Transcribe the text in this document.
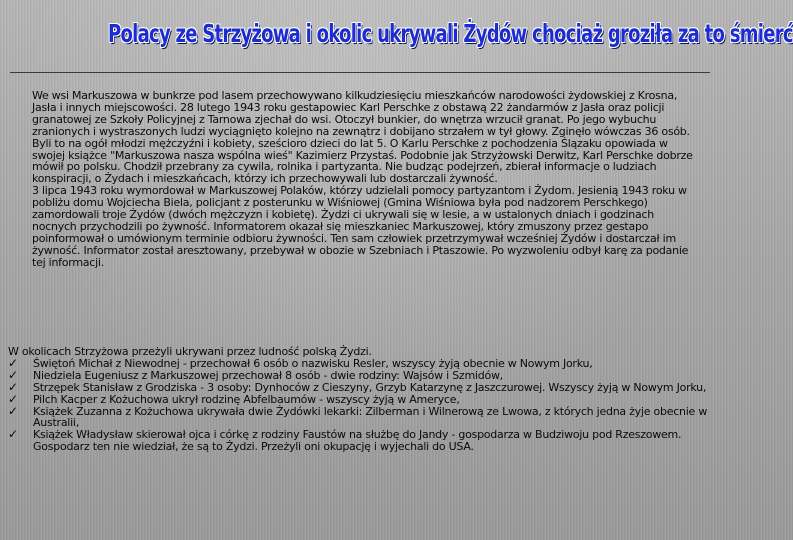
Polacy ze Strzyżowa i okolic ukrywali Żydów chociaż groziła za to śmierć

We wsi Markuszowa w bunkrze pod lasem przechowywano kilkudziesięciu mieszkańców narodowości żydowskiej z Krosna, Jasła i innych miejscowości. 28 lutego 1943 roku gestapowiec Karl Perschke z obstawą 22 żandarmów z Jasła oraz policji granatowej ze Szkoły Policyjnej z Tarnowa zjechał do wsi. Otoczył bunkier, do wnętrza wrzucił granat. Po jego wybuchu zranionych i wystraszonych ludzi wyciągnięto kolejno na zewnątrz i dobijano strzałem w tył głowy. Zginęło wówczas 36 osób. Byli to na ogół młodzi mężczyźni i kobiety, sześcioro dzieci do lat 5. O Karlu Perschke z pochodzenia Ślązaku opowiada w swojej książce "Markuszowa nasza wspólna wieś" Kazimierz Przystaś. Podobnie jak Strzyżowski Derwitz, Karl Perschke dobrze mówił po polsku. Chodził przebrany za cywila, rolnika i partyzanta. Nie budząc podejrzeń, zbierał informacje o ludziach konspiracji, o Żydach i mieszkańcach, którzy ich przechowywali lub dostarczali żywność.

3 lipca 1943 roku wymordował w Markuszowej Polaków, którzy udzielali pomocy partyzantom i Żydom. Jesienią 1943 roku w pobliżu domu Wojciecha Biela, policjant z posterunku w Wiśniowej (Gmina Wiśniowa była pod nadzorem Perschkego) zamordowali troje Żydów (dwóch mężczyzn i kobietę). Żydzi ci ukrywali się w lesie, a w ustalonych dniach i godzinach nocnych przychodzili po żywność. Informatorem okazał się mieszkaniec Markuszowej, który zmuszony przez gestapo poinformował o umówionym terminie odbioru żywności. Ten sam człowiek przetrzymywał wcześniej Żydów i dostarczał im żywność. Informator został aresztowany, przebywał w obozie w Szebniach i Ptaszowie. Po wyzwoleniu odbył karę za podanie tej informacji.

W okolicach Strzyżowa przeżyli ukrywani przez ludność polską Żydzi.

✓	Świętoń Michał z Niewodnej - przechował 6 osób o nazwisku Resler, wszyscy żyją obecnie w Nowym Jorku,
✓	Niedziela Eugeniusz z Markuszowej przechował 8 osób - dwie rodziny: Wajsów i Szmidów,
✓	Strzępek Stanisław z Grodziska - 3 osoby: Dynhoców z Cieszyny, Grzyb Katarzynę z Jaszczurowej. Wszyscy żyją w Nowym Jorku,
✓	Pilch Kacper z Kożuchowa ukrył rodzinę Abfelbaumów - wszyscy żyją w Ameryce,
✓	Książek Zuzanna z Kożuchowa ukrywała dwie Żydówki lekarki: Zilberman i Wilnerową ze Lwowa, z których jedna żyje obecnie w Australii,
✓	Książek Władysław skierował ojca i córkę z rodziny Faustów na służbę do Jandy - gospodarza w Budziwoju pod Rzeszowem. Gospodarz ten nie wiedział, że są to Żydzi. Przeżyli oni okupację i wyjechali do USA.
